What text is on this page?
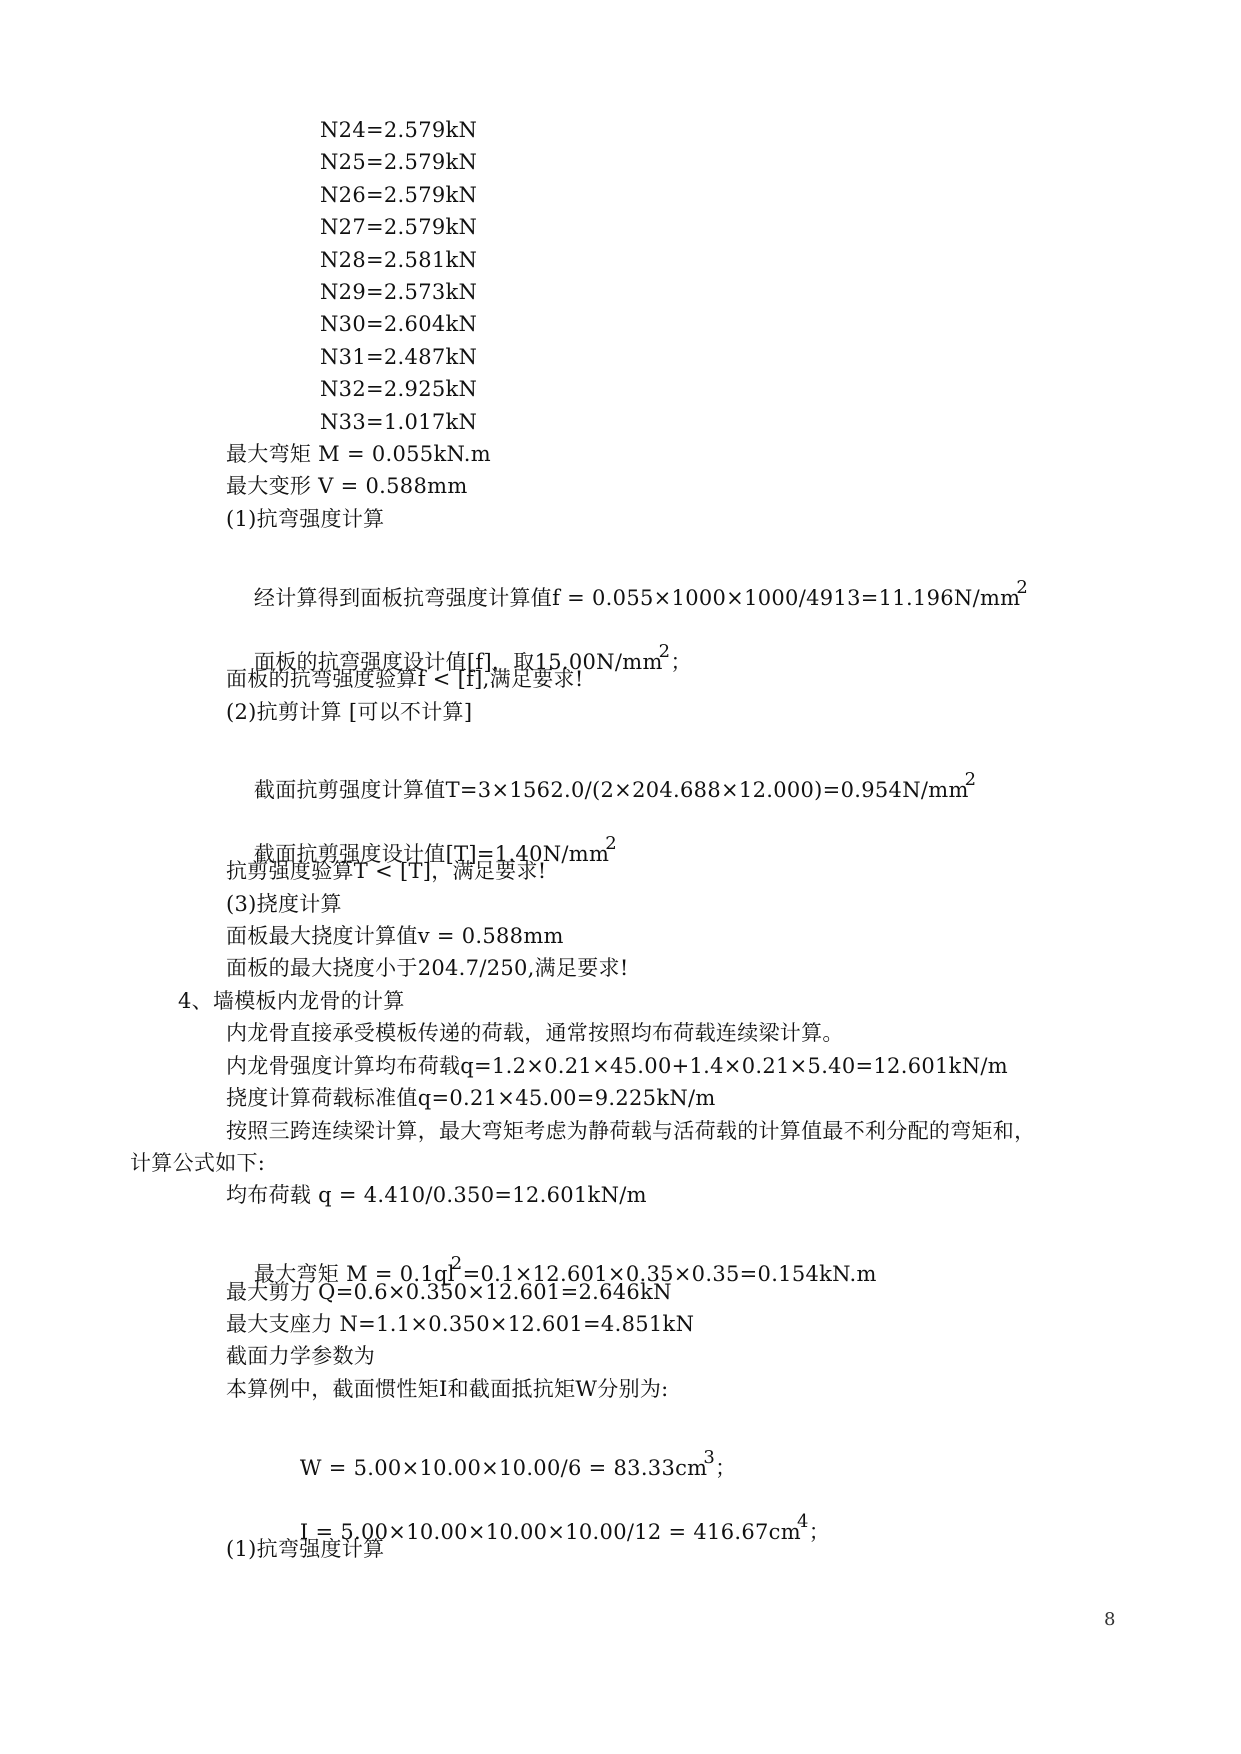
N24=2.579kN
N25=2.579kN
N26=2.579kN
N27=2.579kN
N28=2.581kN
N29=2.573kN
N30=2.604kN
N31=2.487kN
N32=2.925kN
N33=1.017kN
最大弯矩 M = 0.055kN.m
最大变形 V = 0.588mm
(1)抗弯强度计算

经计算得到面板抗弯强度计算值f = 0.055×1000×1000/4913=11.196N/mm2

面板的抗弯强度设计值[f]，取15.00N/mm2；

面板的抗弯强度验算f < [f],满足要求!
(2)抗剪计算 [可以不计算]

截面抗剪强度计算值T=3×1562.0/(2×204.688×12.000)=0.954N/mm2

截面抗剪强度设计值[T]=1.40N/mm2

抗剪强度验算T < [T]，满足要求!
(3)挠度计算
面板最大挠度计算值v = 0.588mm
面板的最大挠度小于204.7/250,满足要求!
4、墙模板内龙骨的计算
内龙骨直接承受模板传递的荷载，通常按照均布荷载连续梁计算。
内龙骨强度计算均布荷载q=1.2×0.21×45.00+1.4×0.21×5.40=12.601kN/m
挠度计算荷载标准值q=0.21×45.00=9.225kN/m
按照三跨连续梁计算，最大弯矩考虑为静荷载与活荷载的计算值最不利分配的弯矩和，
计算公式如下:
均布荷载 q = 4.410/0.350=12.601kN/m

最大弯矩 M = 0.1ql2=0.1×12.601×0.35×0.35=0.154kN.m

最大剪力 Q=0.6×0.350×12.601=2.646kN
最大支座力 N=1.1×0.350×12.601=4.851kN
截面力学参数为
本算例中，截面惯性矩I和截面抵抗矩W分别为:

W = 5.00×10.00×10.00/6 = 83.33cm3；

I = 5.00×10.00×10.00×10.00/12 = 416.67cm4；

(1)抗弯强度计算
8
